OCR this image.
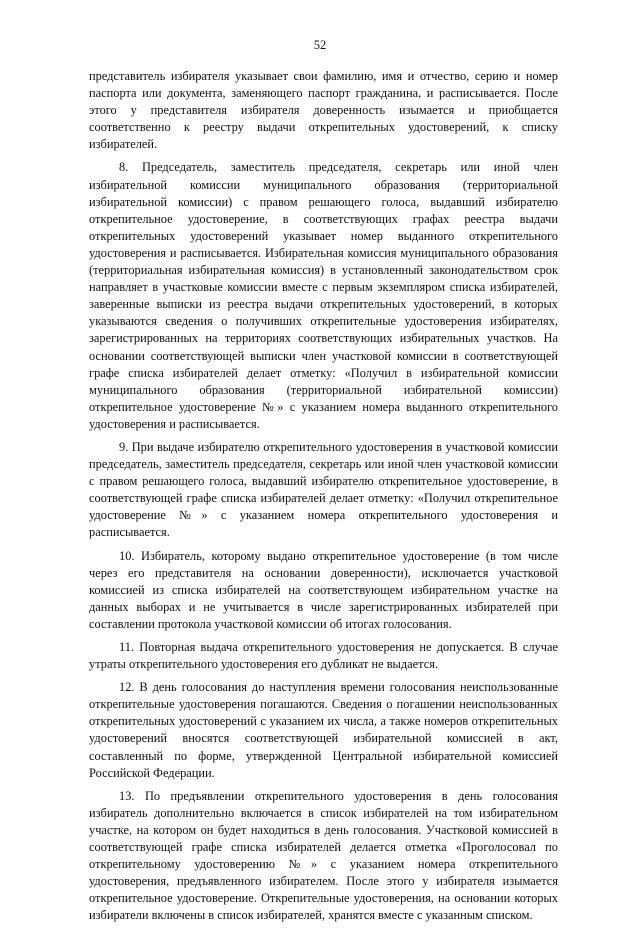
52

представитель избирателя указывает свои фамилию, имя и отчество, серию и номер паспорта или документа, заменяющего паспорт гражданина, и расписывается. После этого у представителя избирателя доверенность изымается и приобщается соответственно к реестру выдачи открепительных удостоверений, к списку избирателей.

8. Председатель, заместитель председателя, секретарь или иной член избирательной комиссии муниципального образования (территориальной избирательной комиссии) с правом решающего голоса, выдавший избирателю открепительное удостоверение, в соответствующих графах реестра выдачи открепительных удостоверений указывает номер выданного открепительного удостоверения и расписывается. Избирательная комиссия муниципального образования (территориальная избирательная комиссия) в установленный законодательством срок направляет в участковые комиссии вместе с первым экземпляром списка избирателей, заверенные выписки из реестра выдачи открепительных удостоверений, в которых указываются сведения о получивших открепительные удостоверения избирателях, зарегистрированных на территориях соответствующих избирательных участков. На основании соответствующей выписки член участковой комиссии в соответствующей графе списка избирателей делает отметку: «Получил в избирательной комиссии муниципального образования (территориальной избирательной комиссии) открепительное удостоверение №» с указанием номера выданного открепительного удостоверения и расписывается.

9. При выдаче избирателю открепительного удостоверения в участковой комиссии председатель, заместитель председателя, секретарь или иной член участковой комиссии с правом решающего голоса, выдавший избирателю открепительное удостоверение, в соответствующей графе списка избирателей делает отметку: «Получил открепительное удостоверение №» с указанием номера открепительного удостоверения и расписывается.

10. Избиратель, которому выдано открепительное удостоверение (в том числе через его представителя на основании доверенности), исключается участковой комиссией из списка избирателей на соответствующем избирательном участке на данных выборах и не учитывается в числе зарегистрированных избирателей при составлении протокола участковой комиссии об итогах голосования.

11. Повторная выдача открепительного удостоверения не допускается. В случае утраты открепительного удостоверения его дубликат не выдается.

12. В день голосования до наступления времени голосования неиспользованные открепительные удостоверения погашаются. Сведения о погашении неиспользованных открепительных удостоверений с указанием их числа, а также номеров открепительных удостоверений вносятся соответствующей избирательной комиссией в акт, составленный по форме, утвержденной Центральной избирательной комиссией Российской Федерации.

13. По предъявлении открепительного удостоверения в день голосования избиратель дополнительно включается в список избирателей на том избирательном участке, на котором он будет находиться в день голосования. Участковой комиссией в соответствующей графе списка избирателей делается отметка «Проголосовал по открепительному удостоверению №» с указанием номера открепительного удостоверения, предъявленного избирателем. После этого у избирателя изымается открепительное удостоверение. Открепительные удостоверения, на основании которых избиратели включены в список избирателей, хранятся вместе с указанным списком.
